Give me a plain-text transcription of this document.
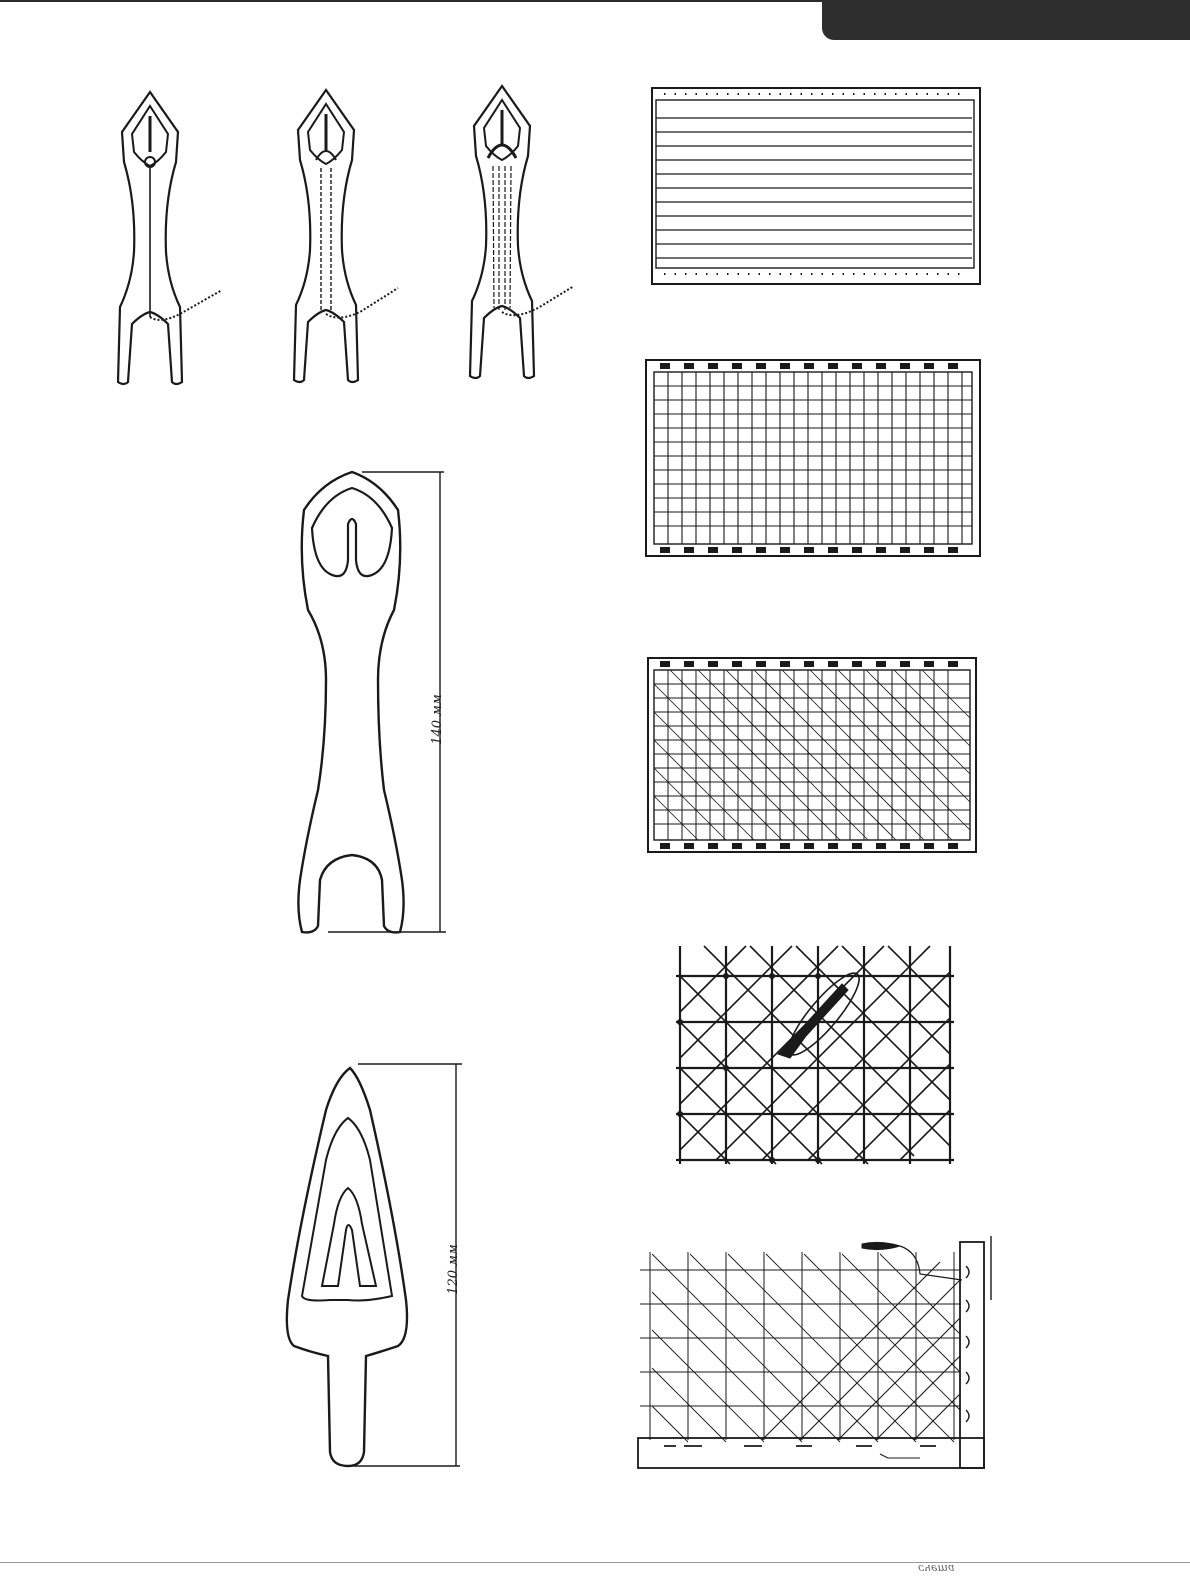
140 мм
120 мм
счета
